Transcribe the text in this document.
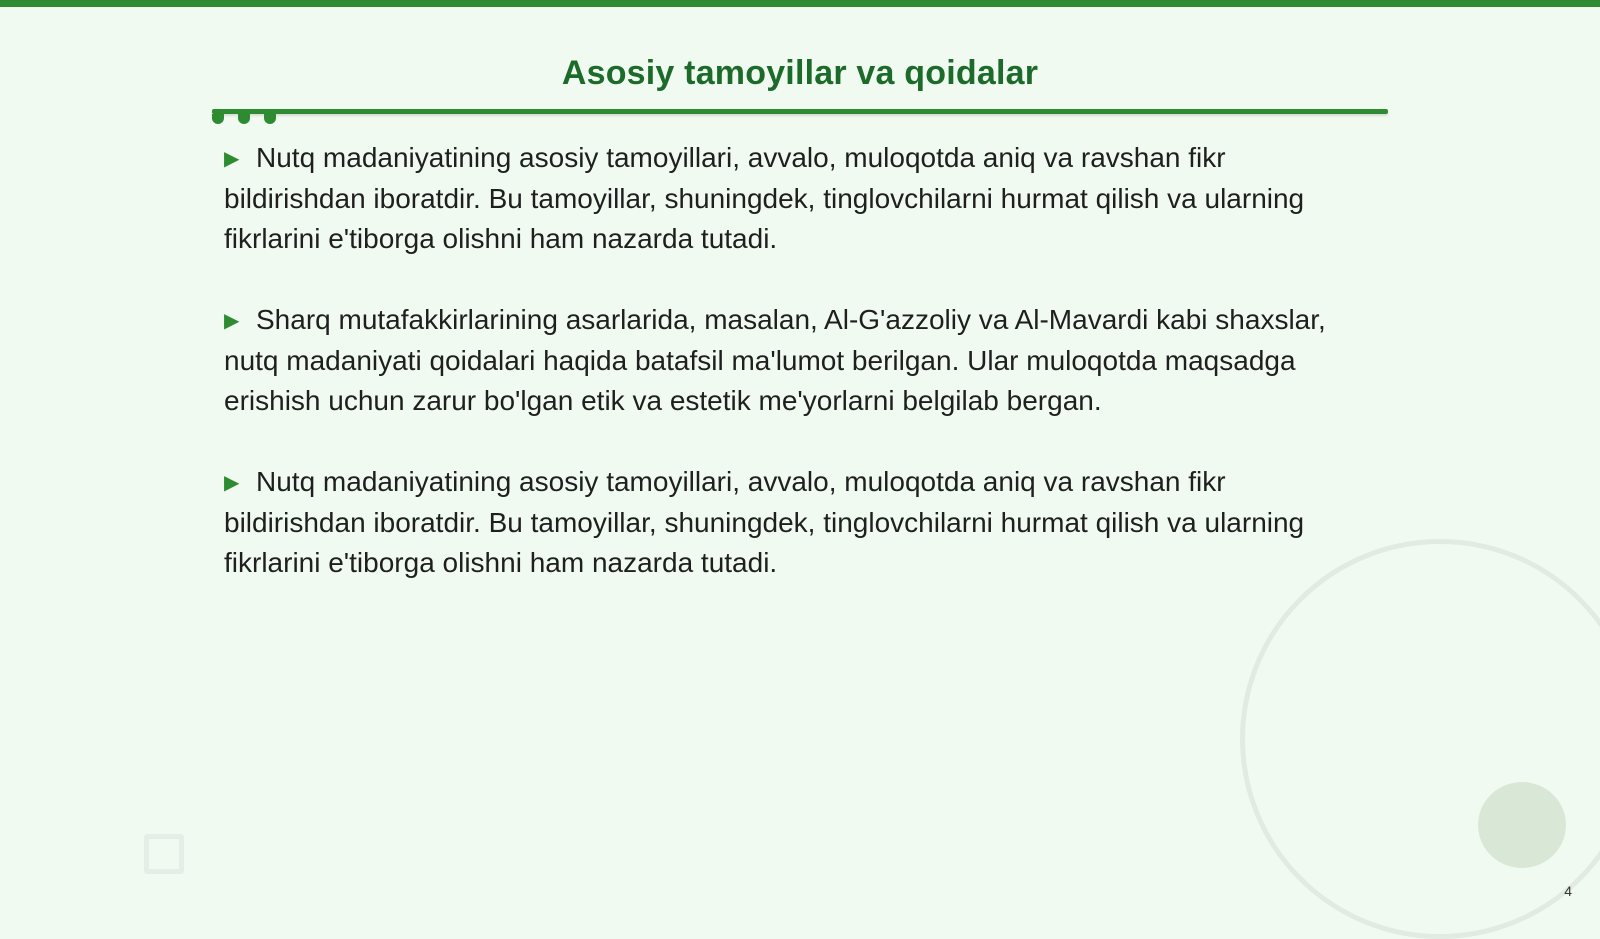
Asosiy tamoyillar va qoidalar

▶ Nutq madaniyatining asosiy tamoyillari, avvalo, muloqotda aniq va ravshan fikr bildirishdan iboratdir. Bu tamoyillar, shuningdek, tinglovchilarni hurmat qilish va ularning fikrlarini e'tiborga olishni ham nazarda tutadi.

▶ Sharq mutafakkirlarining asarlarida, masalan, Al-G'azzoliy va Al-Mavardi kabi shaxslar, nutq madaniyati qoidalari haqida batafsil ma'lumot berilgan. Ular muloqotda maqsadga erishish uchun zarur bo'lgan etik va estetik me'yorlarni belgilab bergan.

▶ Nutq madaniyatining asosiy tamoyillari, avvalo, muloqotda aniq va ravshan fikr bildirishdan iboratdir. Bu tamoyillar, shuningdek, tinglovchilarni hurmat qilish va ularning fikrlarini e'tiborga olishni ham nazarda tutadi.

4
